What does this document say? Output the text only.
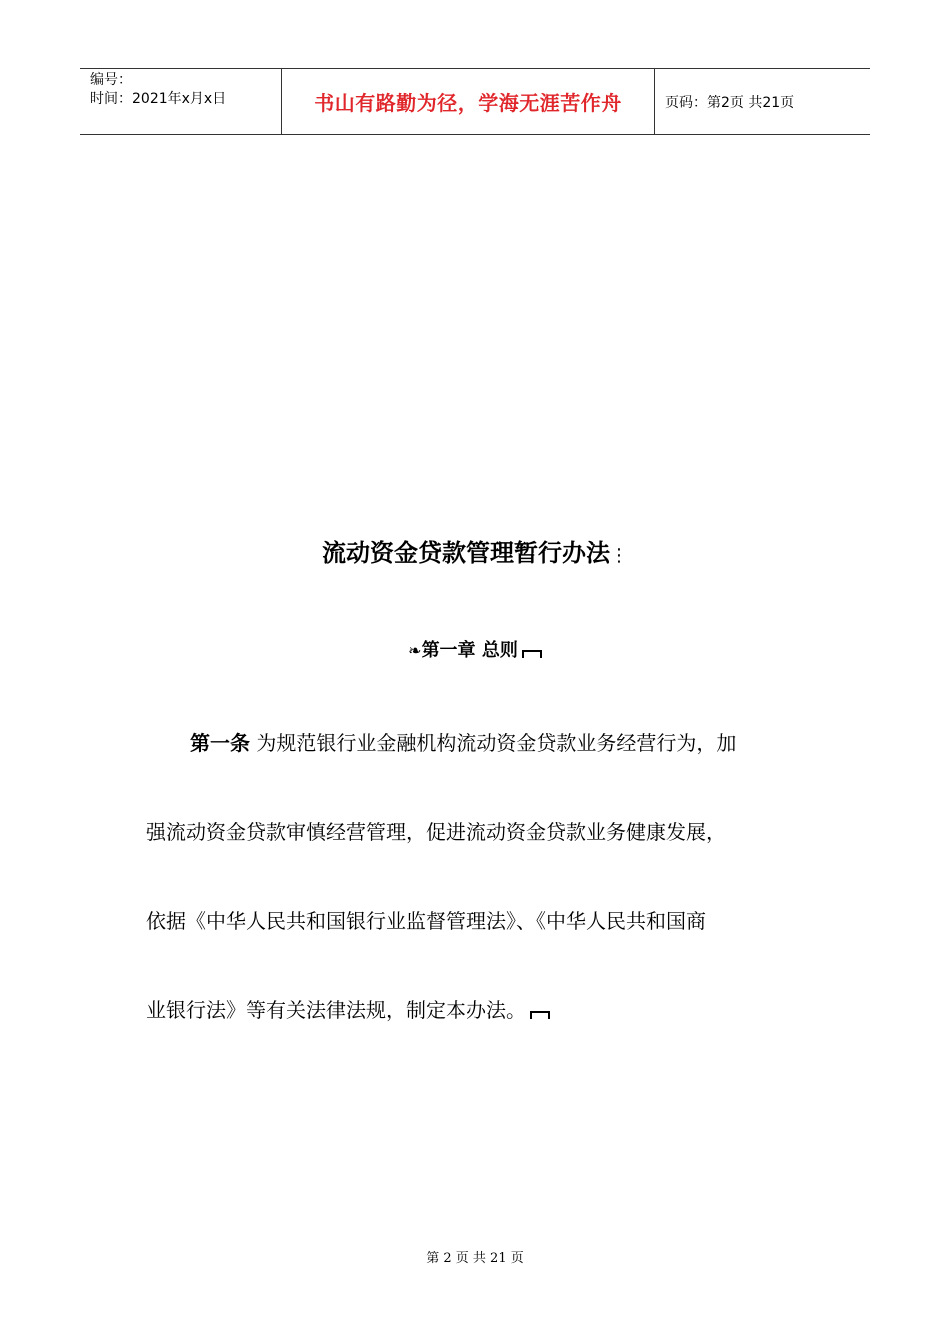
编号：
时间：2021年x月x日	书山有路勤为径，学海无涯苦作舟	页码：第2页 共21页
流动资金贷款管理暂行办法⋮
❧第一章 总则
第一条 为规范银行业金融机构流动资金贷款业务经营行为，加
强流动资金贷款审慎经营管理，促进流动资金贷款业务健康发展，
依据《中华人民共和国银行业监督管理法》、《中华人民共和国商
业银行法》等有关法律法规，制定本办法。
第 2 页 共 21 页
